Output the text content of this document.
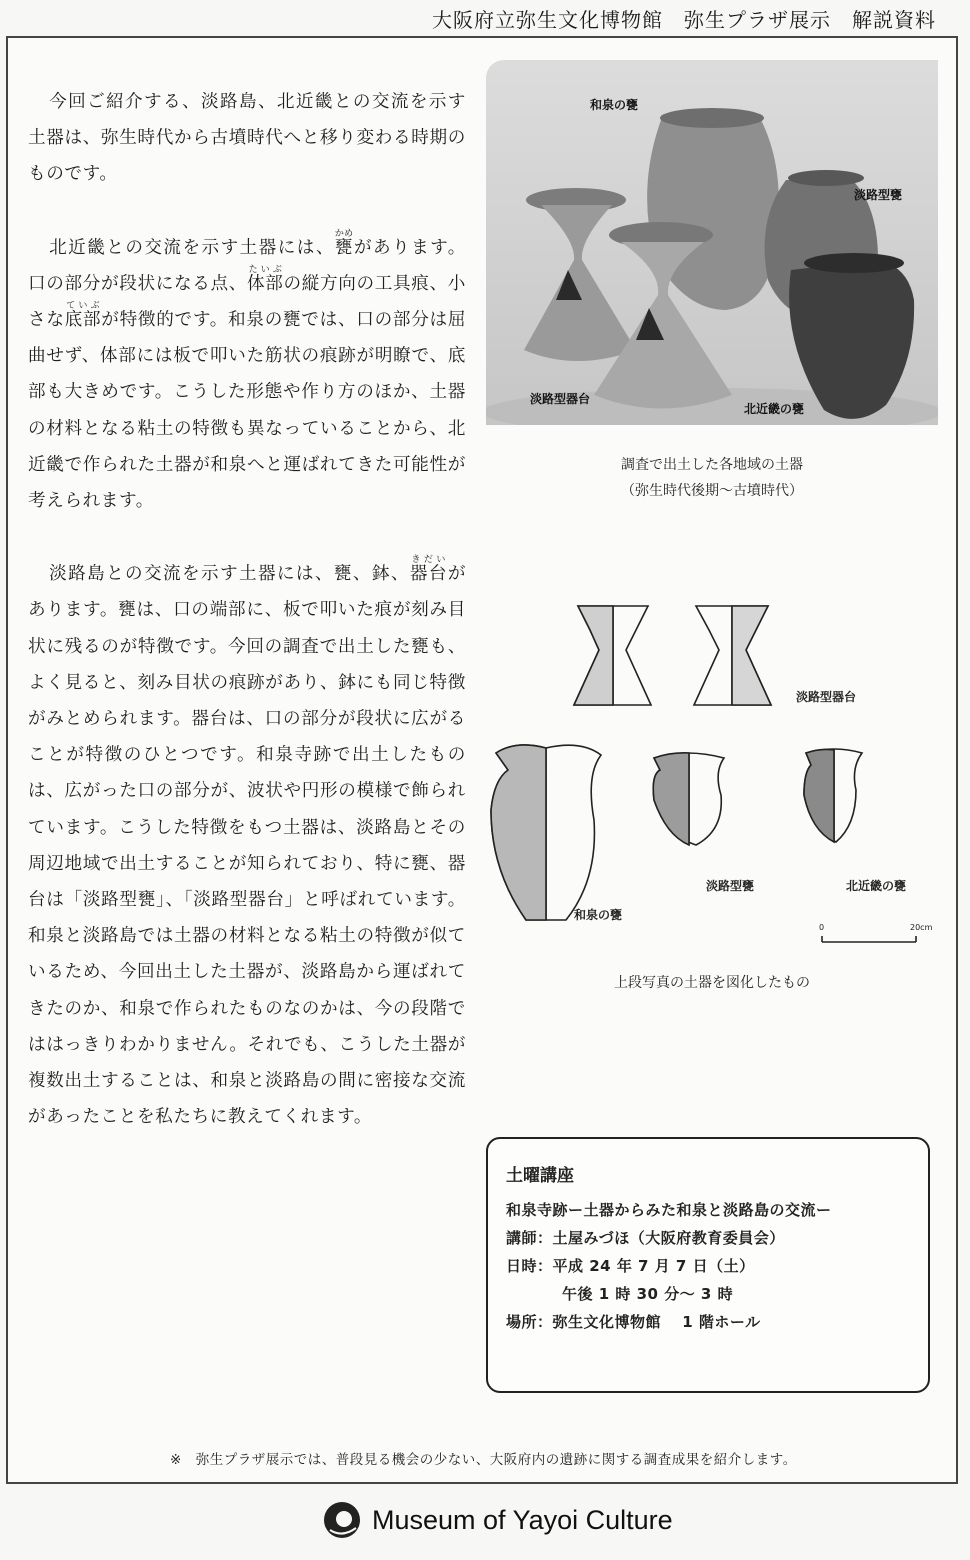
大阪府立弥生文化博物館　弥生プラザ展示　解説資料

今回ご紹介する、淡路島、北近畿との交流を示す土器は、弥生時代から古墳時代へと移り変わる時期のものです。

北近畿との交流を示す土器には、甕かめがあります。口の部分が段状になる点、体部たいぶの縦方向の工具痕、小さな底部ていぶが特徴的です。和泉の甕では、口の部分は屈曲せず、体部には板で叩いた筋状の痕跡が明瞭で、底部も大きめです。こうした形態や作り方のほか、土器の材料となる粘土の特徴も異なっていることから、北近畿で作られた土器が和泉へと運ばれてきた可能性が考えられます。

淡路島との交流を示す土器には、甕、鉢、器台きだいがあります。甕は、口の端部に、板で叩いた痕が刻み目状に残るのが特徴です。今回の調査で出土した甕も、よく見ると、刻み目状の痕跡があり、鉢にも同じ特徴がみとめられます。器台は、口の部分が段状に広がることが特徴のひとつです。和泉寺跡で出土したものは、広がった口の部分が、波状や円形の模様で飾られています。こうした特徴をもつ土器は、淡路島とその周辺地域で出土することが知られており、特に甕、器台は「淡路型甕」、「淡路型器台」と呼ばれています。和泉と淡路島では土器の材料となる粘土の特徴が似ているため、今回出土した土器が、淡路島から運ばれてきたのか、和泉で作られたものなのかは、今の段階でははっきりわかりません。それでも、こうした土器が複数出土することは、和泉と淡路島の間に密接な交流があったことを私たちに教えてくれます。

和泉の甕
淡路型甕
淡路型器台
北近畿の甕
調査で出土した各地域の土器
（弥生時代後期～古墳時代）
淡路型器台
和泉の甕
淡路型甕	北近畿の甕
0	20cm
上段写真の土器を図化したもの
土曜講座
和泉寺跡ー土器からみた和泉と淡路島の交流ー
講師：土屋みづほ（大阪府教育委員会）
日時：平成 24 年 7 月 7 日（土）
午後 1 時 30 分～ 3 時
場所：弥生文化博物館　 1 階ホール
※　弥生プラザ展示では、普段見る機会の少ない、大阪府内の遺跡に関する調査成果を紹介します。
Museum of Yayoi Culture
